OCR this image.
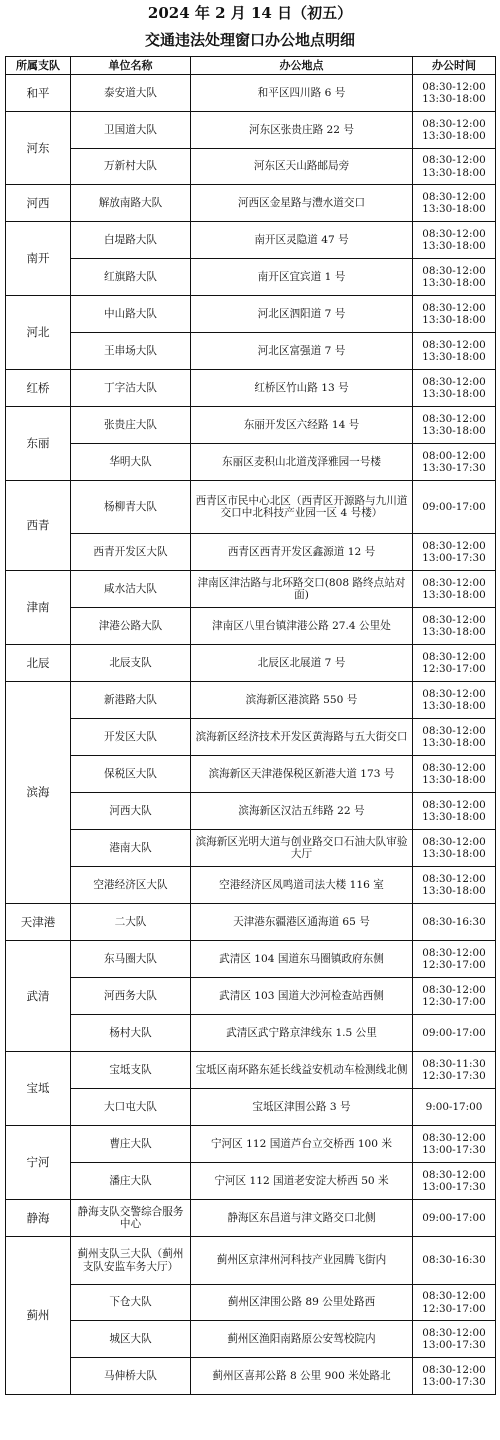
2024 年 2 月 14 日（初五）
交通违法处理窗口办公地点明细
所属支队	单位名称	办公地点	办公时间
和平	泰安道大队	和平区四川路 6 号	08:30-12:00
13:30-18:00

河东	卫国道大队	河东区张贵庄路 22 号	08:30-12:00
13:30-18:00

	万新村大队	河东区天山路邮局旁	08:30-12:00
13:30-18:00

河西	解放南路大队	河西区金星路与澧水道交口	08:30-12:00
13:30-18:00

南开	白堤路大队	南开区灵隐道 47 号	08:30-12:00
13:30-18:00

	红旗路大队	南开区宜宾道 1 号	08:30-12:00
13:30-18:00

河北	中山路大队	河北区泗阳道 7 号	08:30-12:00
13:30-18:00

	王串场大队	河北区富强道 7 号	08:30-12:00
13:30-18:00

红桥	丁字沽大队	红桥区竹山路 13 号	08:30-12:00
13:30-18:00

东丽	张贵庄大队	东丽开发区六经路 14 号	08:30-12:00
13:30-18:00

	华明大队	东丽区麦积山北道茂泽雅园一号楼	08:00-12:00
13:30-17:30

西青	杨柳青大队	西青区市民中心北区（西青区开源路与九川道交口中北科技产业园一区 4 号楼）	09:00-17:00

	西青开发区大队	西青区西青开发区鑫源道 12 号	08:30-12:00
13:00-17:30

津南	咸水沽大队	津南区津沽路与北环路交口(808 路终点站对面)	08:30-12:00
13:30-18:00

	津港公路大队	津南区八里台镇津港公路 27.4 公里处	08:30-12:00
13:30-18:00

北辰	北辰支队	北辰区北展道 7 号	08:30-12:00
12:30-17:00

滨海	新港路大队	滨海新区港滨路 550 号	08:30-12:00
13:30-18:00

	开发区大队	滨海新区经济技术开发区黄海路与五大街交口	08:30-12:00
13:30-18:00

	保税区大队	滨海新区天津港保税区新港大道 173 号	08:30-12:00
13:30-18:00

	河西大队	滨海新区汉沽五纬路 22 号	08:30-12:00
13:30-18:00

	港南大队	滨海新区光明大道与创业路交口石油大队审验大厅	08:30-12:00
13:30-18:00

	空港经济区大队	空港经济区凤鸣道司法大楼 116 室	08:30-12:00
13:30-18:00

天津港	二大队	天津港东疆港区通海道 65 号	08:30-16:30

武清	东马圈大队	武清区 104 国道东马圈镇政府东侧	08:30-12:00
12:30-17:00

	河西务大队	武清区 103 国道大沙河检查站西侧	08:30-12:00
12:30-17:00

	杨村大队	武清区武宁路京津线东 1.5 公里	09:00-17:00

宝坻	宝坻支队	宝坻区南环路东延长线益安机动车检测线北侧	08:30-11:30
12:30-17:30

	大口屯大队	宝坻区津围公路 3 号	9:00-17:00

宁河	曹庄大队	宁河区 112 国道芦台立交桥西 100 米	08:30-12:00
13:00-17:30

	潘庄大队	宁河区 112 国道老安淀大桥西 50 米	08:30-12:00
13:00-17:30

静海	静海支队交警综合服务中心	静海区东昌道与津文路交口北侧	09:00-17:00

蓟州	蓟州支队三大队（蓟州支队安监车务大厅）	蓟州区京津州河科技产业园腾飞街内	08:30-16:30

	下仓大队	蓟州区津围公路 89 公里处路西	08:30-12:00
12:30-17:00

	城区大队	蓟州区渔阳南路原公安驾校院内	08:30-12:00
13:00-17:30

	马伸桥大队	蓟州区喜邦公路 8 公里 900 米处路北	08:30-12:00
13:00-17:30
